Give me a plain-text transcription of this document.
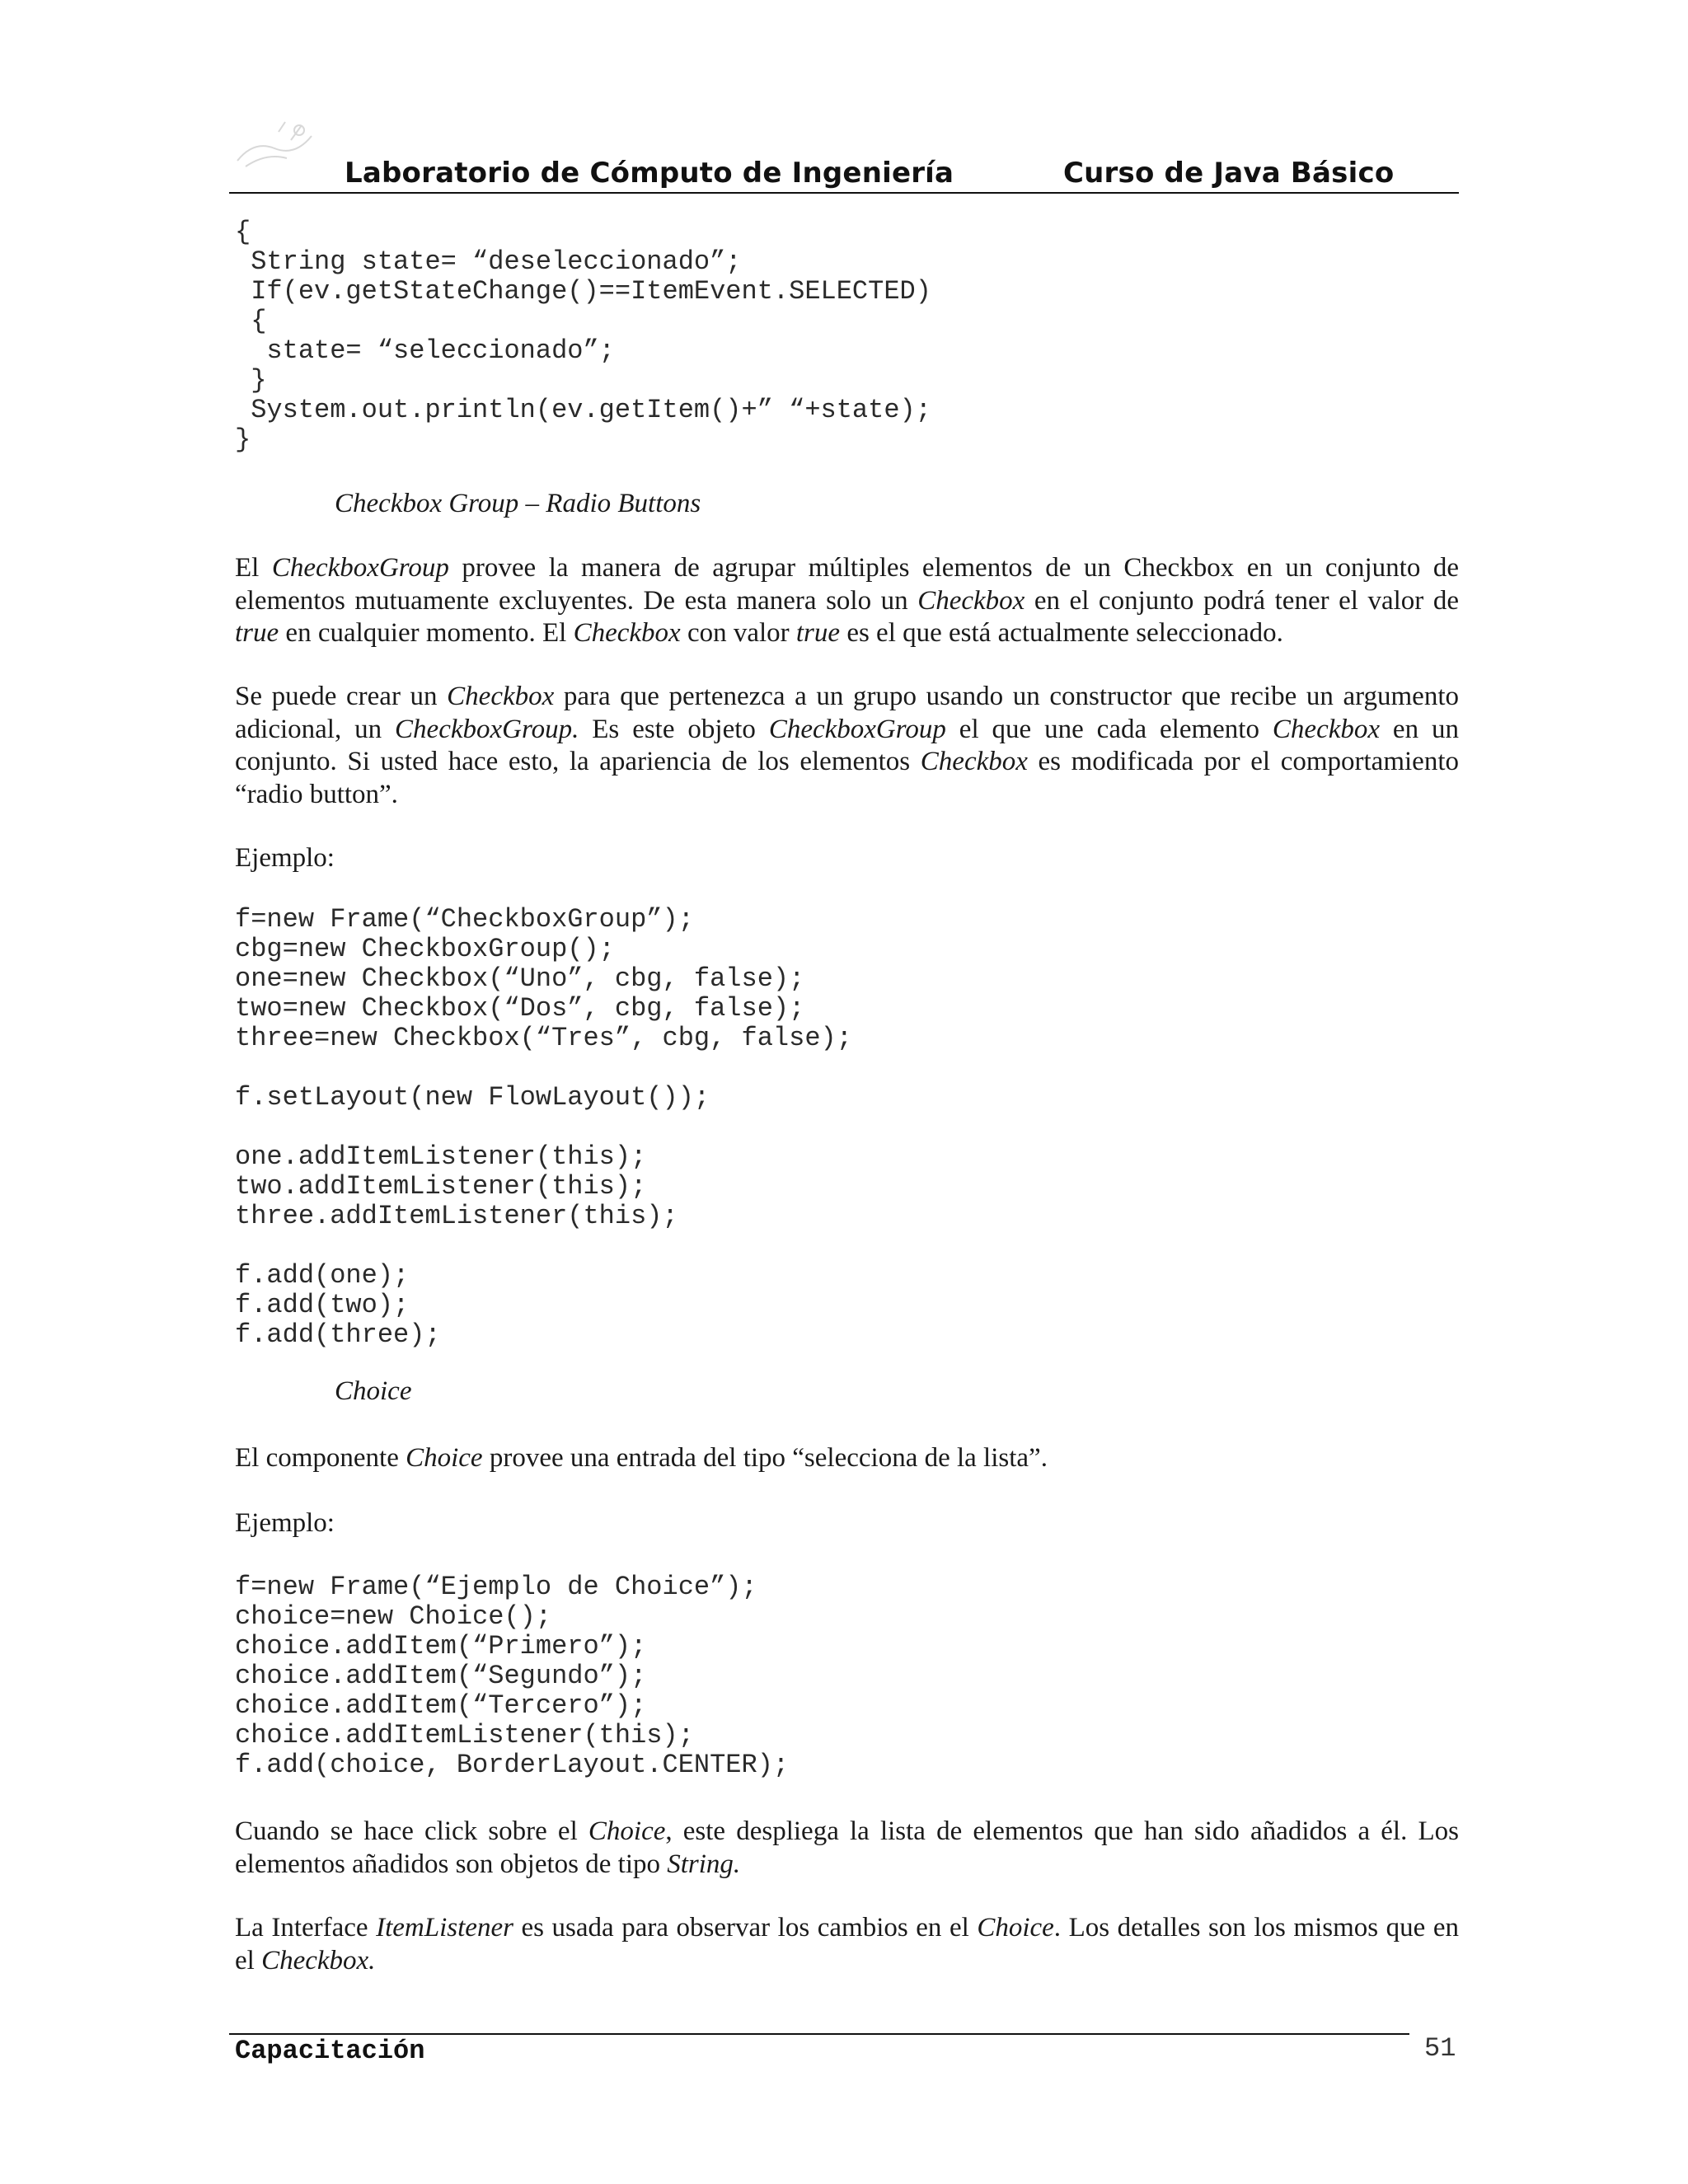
Laboratorio de Cómputo de Ingeniería	Curso de Java Básico
{
String state= “deseleccionado”;
If(ev.getStateChange()==ItemEvent.SELECTED)
{
state= “seleccionado”;
}
System.out.println(ev.getItem()+” “+state);
}

Checkbox Group – Radio Buttons

El CheckboxGroup provee la manera de agrupar múltiples elementos de un Checkbox en un conjunto de elementos mutuamente excluyentes. De esta manera solo un Checkbox en el conjunto podrá tener el valor de true en cualquier momento. El Checkbox con valor true es el que está actualmente seleccionado.

Se puede crear un Checkbox para que pertenezca a un grupo usando un constructor que recibe un argumento adicional, un CheckboxGroup. Es este objeto CheckboxGroup el que une cada elemento Checkbox en un conjunto. Si usted hace esto, la apariencia de los elementos Checkbox es modificada por el comportamiento “radio button”.

Ejemplo:

f=new Frame(“CheckboxGroup”);
cbg=new CheckboxGroup();
one=new Checkbox(“Uno”, cbg, false);
two=new Checkbox(“Dos”, cbg, false);
three=new Checkbox(“Tres”, cbg, false);

f.setLayout(new FlowLayout());

one.addItemListener(this);
two.addItemListener(this);
three.addItemListener(this);

f.add(one);
f.add(two);
f.add(three);

Choice

El componente Choice provee una entrada del tipo “selecciona de la lista”.

Ejemplo:

f=new Frame(“Ejemplo de Choice”);
choice=new Choice();
choice.addItem(“Primero”);
choice.addItem(“Segundo”);
choice.addItem(“Tercero”);
choice.addItemListener(this);
f.add(choice, BorderLayout.CENTER);

Cuando se hace click sobre el Choice, este despliega la lista de elementos que han sido añadidos a él. Los elementos añadidos son objetos de tipo String.

La Interface ItemListener es usada para observar los cambios en el Choice. Los detalles son los mismos que en el Checkbox.

Capacitación	51
